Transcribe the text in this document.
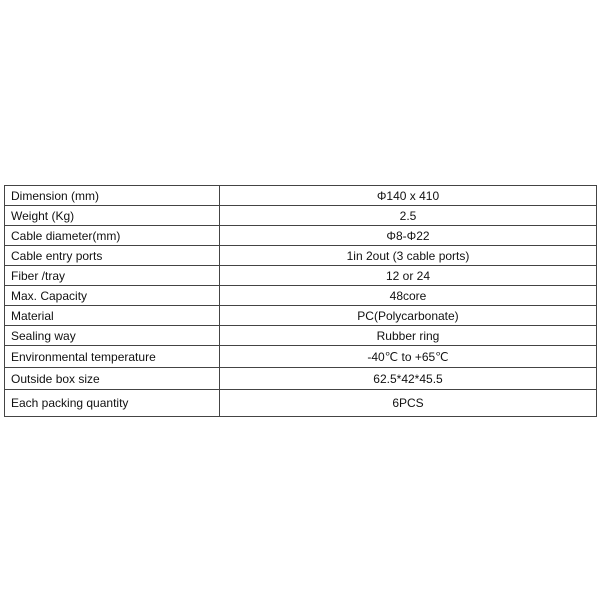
Dimension (mm)	Φ140 x 410
Weight (Kg)	2.5
Cable diameter(mm)	Φ8-Φ22
Cable entry ports	1in 2out (3 cable ports)
Fiber /tray	12 or 24
Max. Capacity	48core
Material	PC(Polycarbonate)
Sealing way	Rubber ring
Environmental temperature	-40℃ to +65℃
Outside box size	62.5*42*45.5
Each packing quantity	6PCS
